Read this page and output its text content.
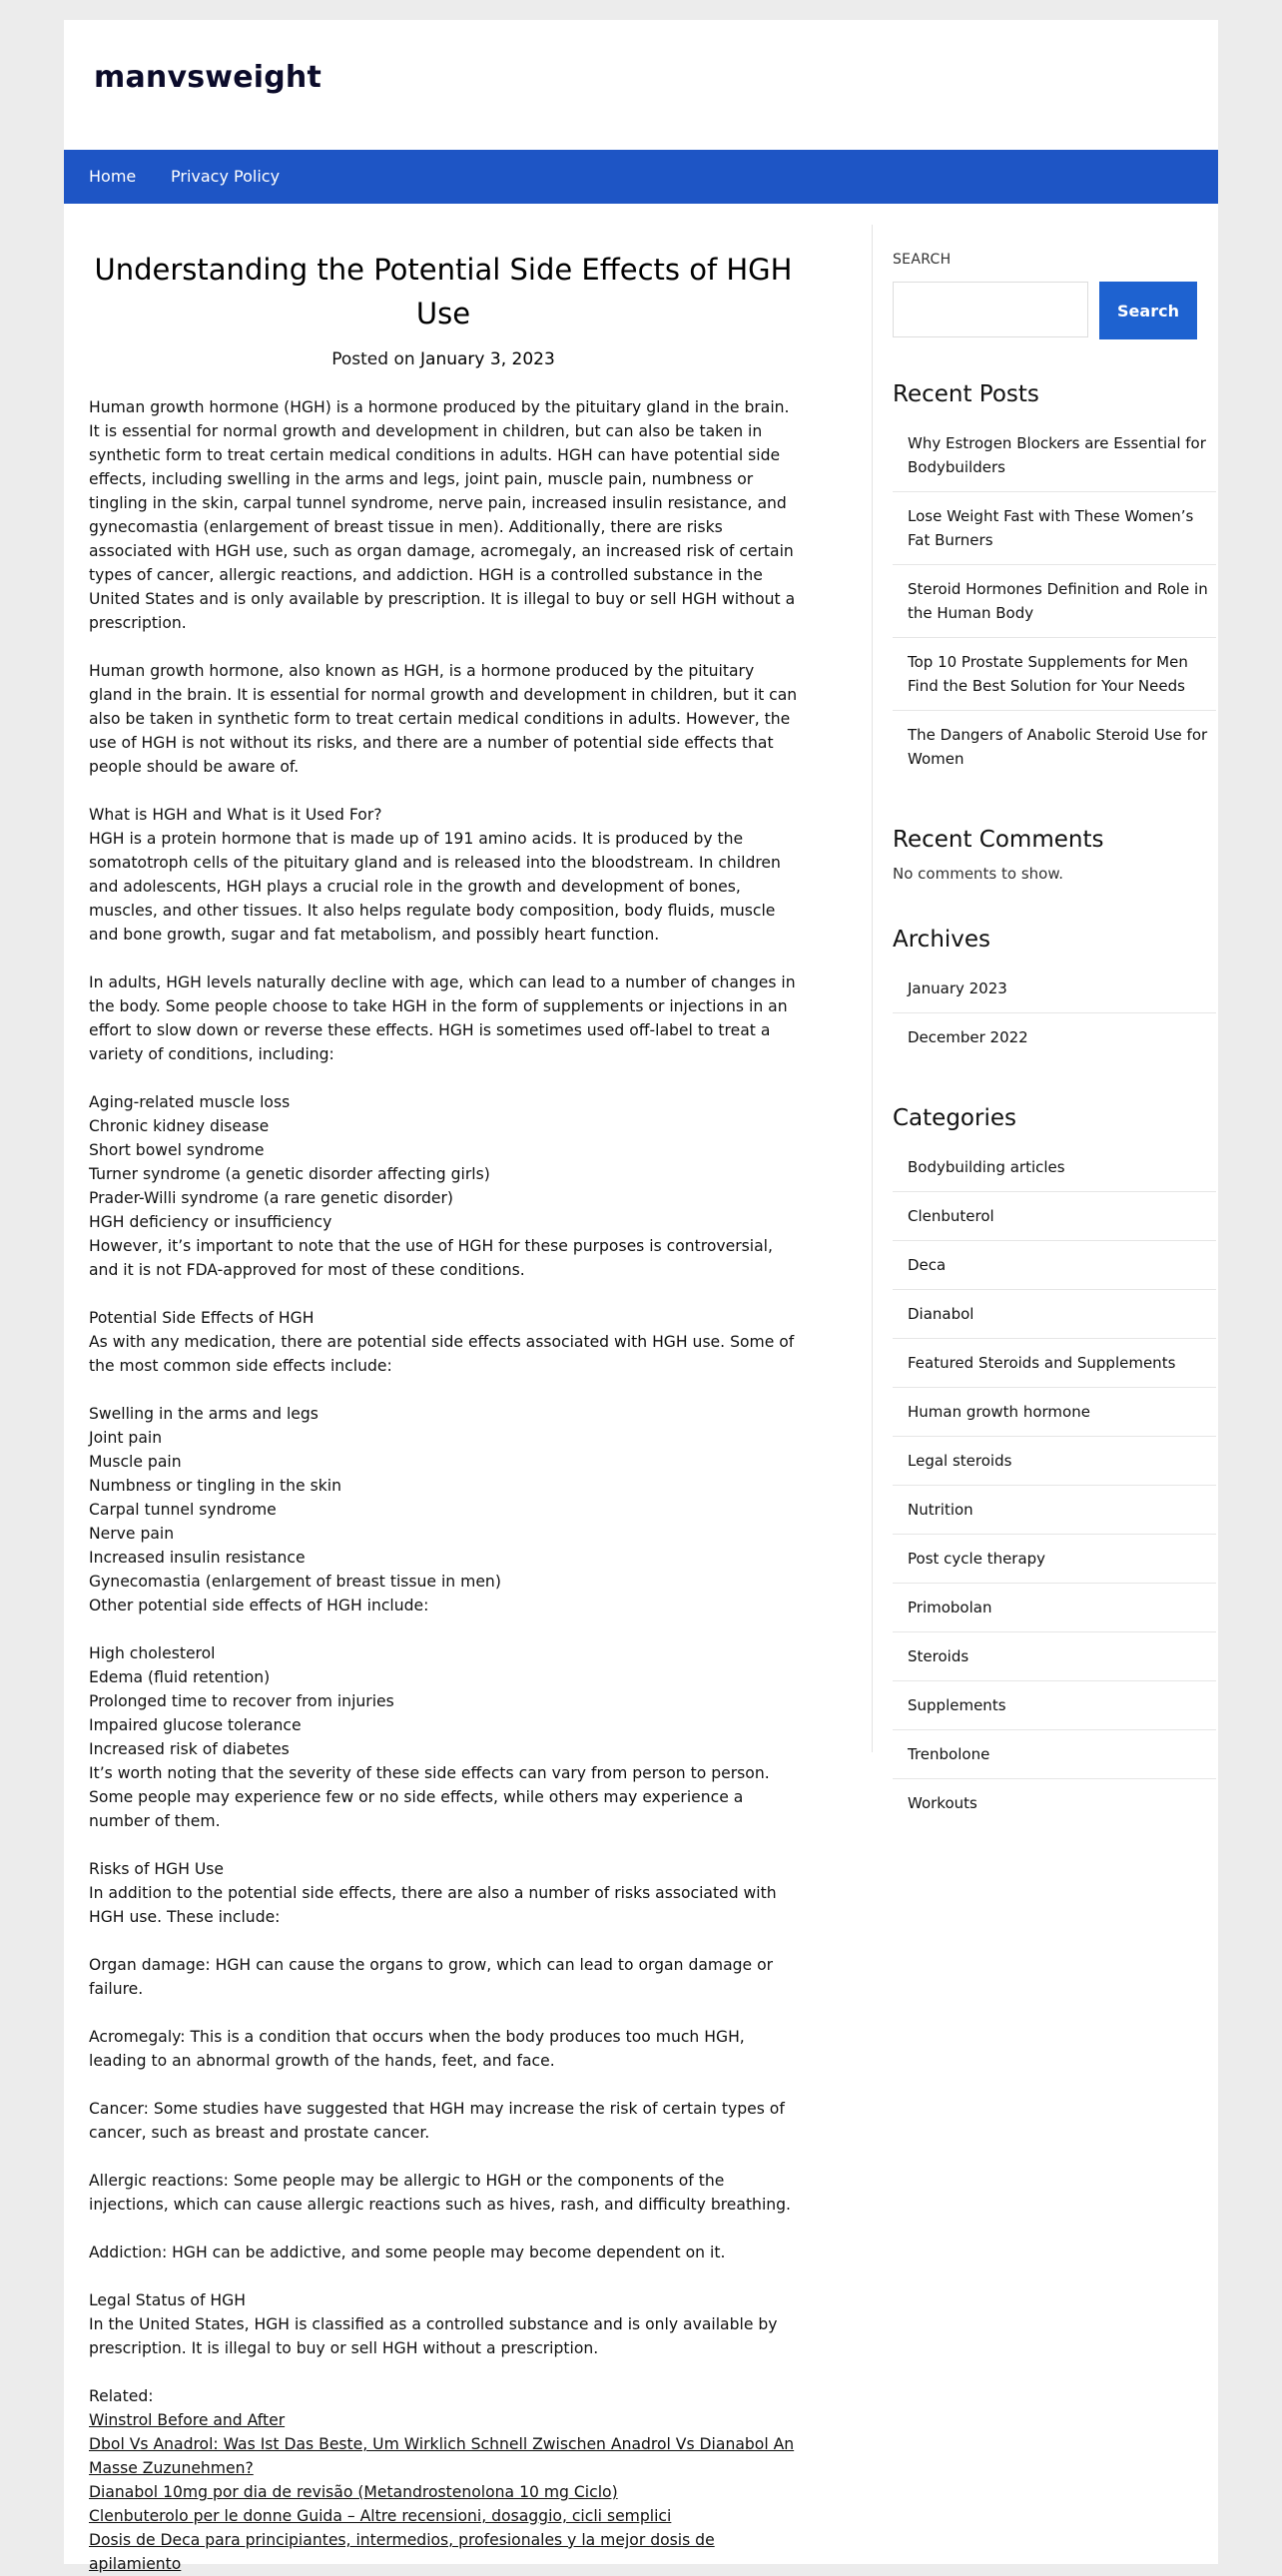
manvsweight
Home Privacy Policy
Understanding the Potential Side Effects of HGH Use
Posted on January 3, 2023

Human growth hormone (HGH) is a hormone produced by the pituitary gland in the brain. It is essential for normal growth and development in children, but can also be taken in synthetic form to treat certain medical conditions in adults. HGH can have potential side effects, including swelling in the arms and legs, joint pain, muscle pain, numbness or tingling in the skin, carpal tunnel syndrome, nerve pain, increased insulin resistance, and gynecomastia (enlargement of breast tissue in men). Additionally, there are risks associated with HGH use, such as organ damage, acromegaly, an increased risk of certain types of cancer, allergic reactions, and addiction. HGH is a controlled substance in the United States and is only available by prescription. It is illegal to buy or sell HGH without a prescription.

Human growth hormone, also known as HGH, is a hormone produced by the pituitary gland in the brain. It is essential for normal growth and development in children, but it can also be taken in synthetic form to treat certain medical conditions in adults. However, the use of HGH is not without its risks, and there are a number of potential side effects that people should be aware of.

What is HGH and What is it Used For?

HGH is a protein hormone that is made up of 191 amino acids. It is produced by the somatotroph cells of the pituitary gland and is released into the bloodstream. In children and adolescents, HGH plays a crucial role in the growth and development of bones, muscles, and other tissues. It also helps regulate body composition, body fluids, muscle and bone growth, sugar and fat metabolism, and possibly heart function.

In adults, HGH levels naturally decline with age, which can lead to a number of changes in the body. Some people choose to take HGH in the form of supplements or injections in an effort to slow down or reverse these effects. HGH is sometimes used off-label to treat a variety of conditions, including:

Aging-related muscle loss

Chronic kidney disease

Short bowel syndrome

Turner syndrome (a genetic disorder affecting girls)

Prader-Willi syndrome (a rare genetic disorder)

HGH deficiency or insufficiency

However, it’s important to note that the use of HGH for these purposes is controversial, and it is not FDA-approved for most of these conditions.

Potential Side Effects of HGH

As with any medication, there are potential side effects associated with HGH use. Some of the most common side effects include:

Swelling in the arms and legs

Joint pain

Muscle pain

Numbness or tingling in the skin

Carpal tunnel syndrome

Nerve pain

Increased insulin resistance

Gynecomastia (enlargement of breast tissue in men)

Other potential side effects of HGH include:

High cholesterol

Edema (fluid retention)

Prolonged time to recover from injuries

Impaired glucose tolerance

Increased risk of diabetes

It’s worth noting that the severity of these side effects can vary from person to person. Some people may experience few or no side effects, while others may experience a number of them.

Risks of HGH Use

In addition to the potential side effects, there are also a number of risks associated with HGH use. These include:

Organ damage: HGH can cause the organs to grow, which can lead to organ damage or failure.

Acromegaly: This is a condition that occurs when the body produces too much HGH, leading to an abnormal growth of the hands, feet, and face.

Cancer: Some studies have suggested that HGH may increase the risk of certain types of cancer, such as breast and prostate cancer.

Allergic reactions: Some people may be allergic to HGH or the components of the injections, which can cause allergic reactions such as hives, rash, and difficulty breathing.

Addiction: HGH can be addictive, and some people may become dependent on it.

Legal Status of HGH

In the United States, HGH is classified as a controlled substance and is only available by prescription. It is illegal to buy or sell HGH without a prescription.

Related:

Winstrol Before and After
Dbol Vs Anadrol: Was Ist Das Beste, Um Wirklich Schnell Zwischen Anadrol Vs Dianabol An Masse Zuzunehmen?
Dianabol 10mg por dia de revisão (Metandrostenolona 10 mg Ciclo)
Clenbuterolo per le donne Guida – Altre recensioni, dosaggio, cicli semplici
Dosis de Deca para principiantes, intermedios, profesionales y la mejor dosis de apilamiento
SEARCH
Search
Recent Posts
Why Estrogen Blockers are Essential for Bodybuilders
Lose Weight Fast with These Women’s Fat Burners
Steroid Hormones Definition and Role in the Human Body
Top 10 Prostate Supplements for Men Find the Best Solution for Your Needs
The Dangers of Anabolic Steroid Use for Women
Recent Comments
No comments to show.
Archives
January 2023
December 2022
Categories
Bodybuilding articles
Clenbuterol
Deca
Dianabol
Featured Steroids and Supplements
Human growth hormone
Legal steroids
Nutrition
Post cycle therapy
Primobolan
Steroids
Supplements
Trenbolone
Workouts
